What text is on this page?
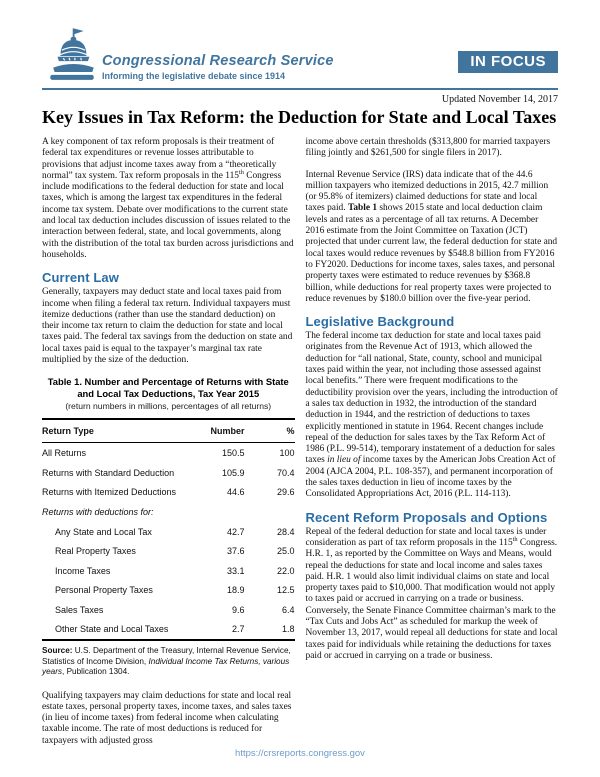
Congressional Research Service
Informing the legislative debate since 1914
IN FOCUS
Updated November 14, 2017
Key Issues in Tax Reform: the Deduction for State and Local Taxes

A key component of tax reform proposals is their treatment of federal tax expenditures or revenue losses attributable to provisions that adjust income taxes away from a “theoretically normal” tax system. Tax reform proposals in the 115th Congress include modifications to the federal deduction for state and local taxes, which is among the largest tax expenditures in the federal income tax system. Debate over modifications to the current state and local tax deduction includes discussion of issues related to the interaction between federal, state, and local governments, along with the distribution of the total tax burden across jurisdictions and households.

Current Law

Generally, taxpayers may deduct state and local taxes paid from income when filing a federal tax return. Individual taxpayers must itemize deductions (rather than use the standard deduction) on their income tax return to claim the deduction for state and local taxes paid. The federal tax savings from the deduction on state and local taxes paid is equal to the taxpayer’s marginal tax rate multiplied by the size of the deduction.

Table 1. Number and Percentage of Returns with State and Local Tax Deductions, Tax Year 2015
(return numbers in millions, percentages of all returns)
Return Type	Number	%
All Returns	150.5	100
Returns with Standard Deduction	105.9	70.4
Returns with Itemized Deductions	44.6	29.6
Returns with deductions for:
Any State and Local Tax	42.7	28.4
Real Property Taxes	37.6	25.0
Income Taxes	33.1	22.0
Personal Property Taxes	18.9	12.5
Sales Taxes	9.6	6.4
Other State and Local Taxes	2.7	1.8

Source: U.S. Department of the Treasury, Internal Revenue Service, Statistics of Income Division, Individual Income Tax Returns, various years, Publication 1304.

Qualifying taxpayers may claim deductions for state and local real estate taxes, personal property taxes, income taxes, and sales taxes (in lieu of income taxes) from federal income when calculating taxable income. The rate of most deductions is reduced for taxpayers with adjusted gross

income above certain thresholds ($313,800 for married taxpayers filing jointly and $261,500 for single filers in 2017).

Internal Revenue Service (IRS) data indicate that of the 44.6 million taxpayers who itemized deductions in 2015, 42.7 million (or 95.8% of itemizers) claimed deductions for state and local taxes paid. Table 1 shows 2015 state and local deduction claim levels and rates as a percentage of all tax returns. A December 2016 estimate from the Joint Committee on Taxation (JCT) projected that under current law, the federal deduction for state and local taxes would reduce revenues by $548.8 billion from FY2016 to FY2020. Deductions for income taxes, sales taxes, and personal property taxes were estimated to reduce revenues by $368.8 billion, while deductions for real property taxes were projected to reduce revenues by $180.0 billion over the five-year period.

Legislative Background

The federal income tax deduction for state and local taxes paid originates from the Revenue Act of 1913, which allowed the deduction for “all national, State, county, school and municipal taxes paid within the year, not including those assessed against local benefits.” There were frequent modifications to the deductibility provision over the years, including the introduction of a sales tax deduction in 1932, the introduction of the standard deduction in 1944, and the restriction of deductions to taxes explicitly mentioned in statute in 1964. Recent changes include repeal of the deduction for sales taxes by the Tax Reform Act of 1986 (P.L. 99-514), temporary instatement of a deduction for sales taxes in lieu of income taxes by the American Jobs Creation Act of 2004 (AJCA 2004, P.L. 108-357), and permanent incorporation of the sales taxes deduction in lieu of income taxes by the Consolidated Appropriations Act, 2016 (P.L. 114-113).

Recent Reform Proposals and Options

Repeal of the federal deduction for state and local taxes is under consideration as part of tax reform proposals in the 115th Congress. H.R. 1, as reported by the Committee on Ways and Means, would repeal the deductions for state and local income and sales taxes paid. H.R. 1 would also limit individual claims on state and local property taxes paid to $10,000. That modification would not apply to taxes paid or accrued in carrying on a trade or business. Conversely, the Senate Finance Committee chairman’s mark to the “Tax Cuts and Jobs Act” as scheduled for markup the week of November 13, 2017, would repeal all deductions for state and local taxes paid for individuals while retaining the deductions for taxes paid or accrued in carrying on a trade or business.

https://crsreports.congress.gov
